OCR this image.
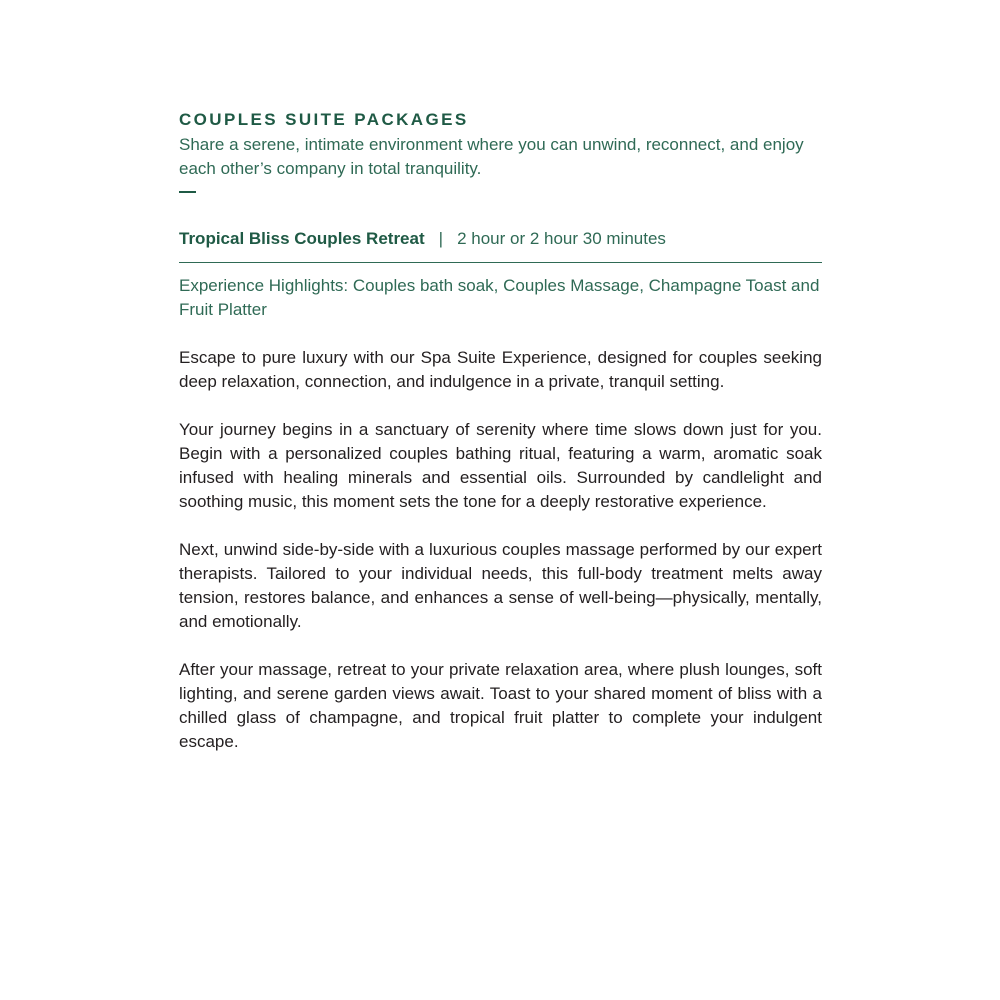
COUPLES SUITE PACKAGES

Share a serene, intimate environment where you can unwind, reconnect, and enjoy each other’s company in total tranquility.

Tropical Bliss Couples Retreat | 2 hour or 2 hour 30 minutes

Experience Highlights: Couples bath soak, Couples Massage, Champagne Toast and Fruit Platter

Escape to pure luxury with our Spa Suite Experience, designed for couples seeking deep relaxation, connection, and indulgence in a private, tranquil setting.

Your journey begins in a sanctuary of serenity where time slows down just for you. Begin with a personalized couples bathing ritual, featuring a warm, aromatic soak infused with healing minerals and essential oils. Surrounded by candlelight and soothing music, this moment sets the tone for a deeply restorative experience.

Next, unwind side-by-side with a luxurious couples massage performed by our expert therapists. Tailored to your individual needs, this full-body treatment melts away tension, restores balance, and enhances a sense of well-being—physically, mentally, and emotionally.

After your massage, retreat to your private relaxation area, where plush lounges, soft lighting, and serene garden views await. Toast to your shared moment of bliss with a chilled glass of champagne, and tropical fruit platter to complete your indulgent escape.
